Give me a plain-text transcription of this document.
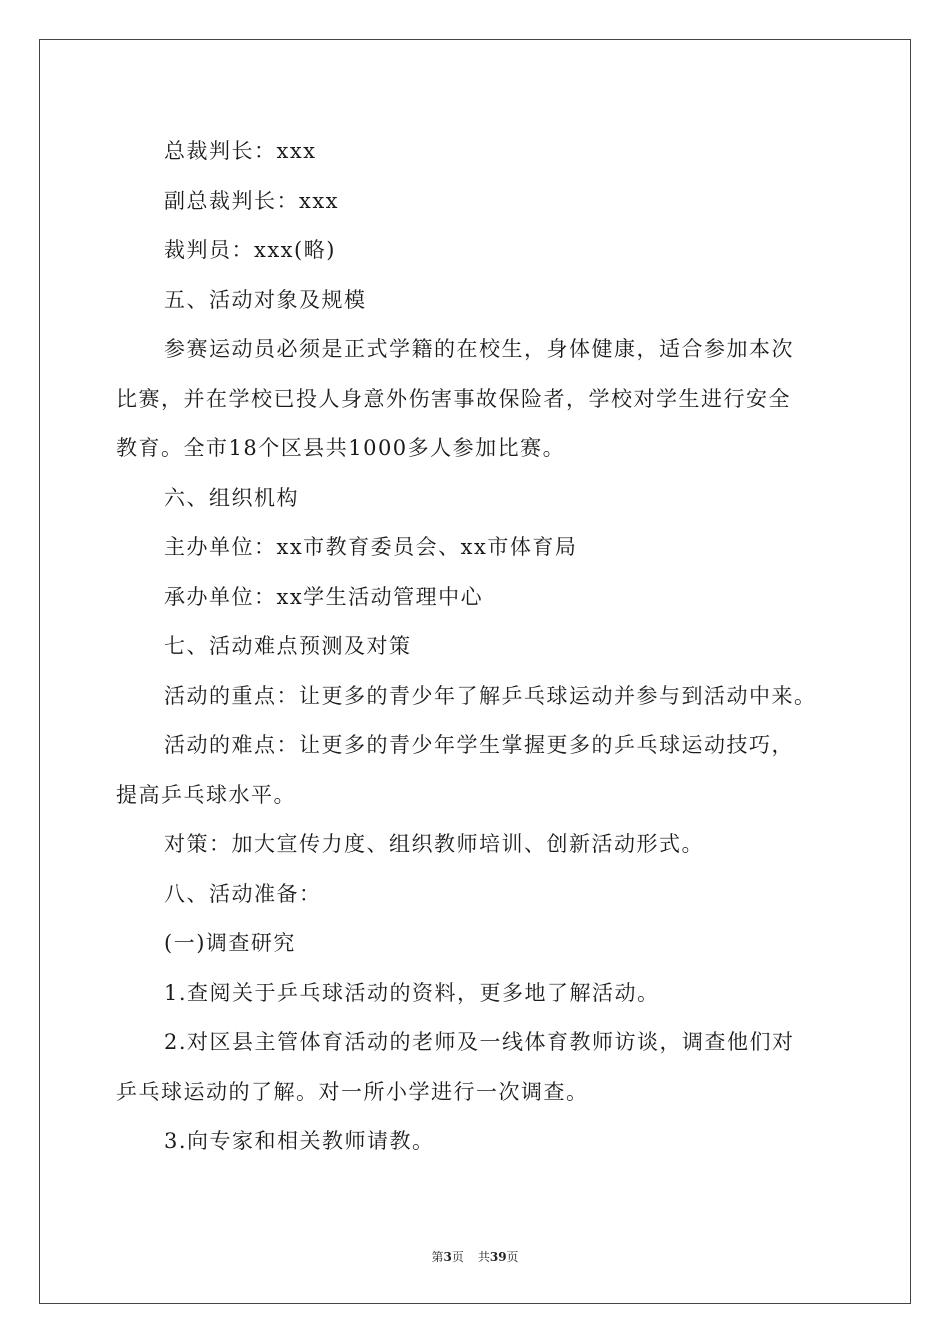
总裁判长：xxx
副总裁判长：xxx
裁判员：xxx(略)
五、活动对象及规模
参赛运动员必须是正式学籍的在校生，身体健康，适合参加本次
比赛，并在学校已投人身意外伤害事故保险者，学校对学生进行安全
教育。全市18个区县共1000多人参加比赛。
六、组织机构
主办单位：xx市教育委员会、xx市体育局
承办单位：xx学生活动管理中心
七、活动难点预测及对策
活动的重点：让更多的青少年了解乒乓球运动并参与到活动中来。
活动的难点：让更多的青少年学生掌握更多的乒乓球运动技巧，
提高乒乓球水平。
对策：加大宣传力度、组织教师培训、创新活动形式。
八、活动准备：
(一)调查研究
1.查阅关于乒乓球活动的资料，更多地了解活动。
2.对区县主管体育活动的老师及一线体育教师访谈，调查他们对
乒乓球运动的了解。对一所小学进行一次调查。
3.向专家和相关教师请教。
第3页 共39页
